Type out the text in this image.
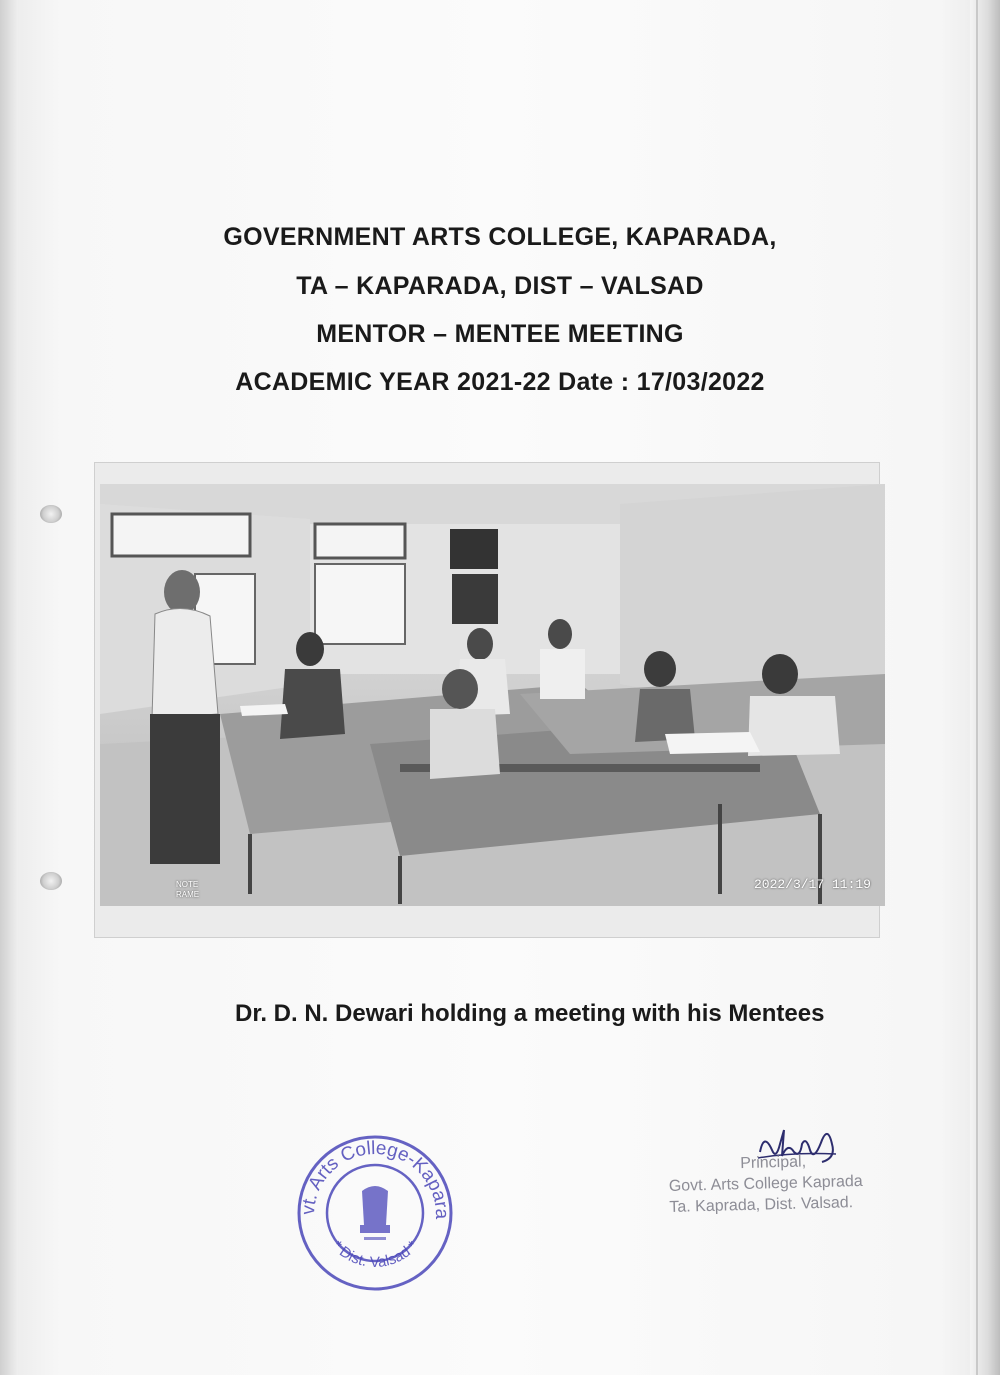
GOVERNMENT ARTS COLLEGE, KAPARADA,
TA – KAPARADA, DIST – VALSAD
MENTOR – MENTEE MEETING
ACADEMIC YEAR 2021-22 Date : 17/03/2022
NOTE
RAME
2022/3/17 11:19
Dr. D. N. Dewari holding a meeting with his Mentees
vt. Arts College-Kapara
* Dist. Valsad *
Principal,
Govt. Arts College Kaprada
Ta. Kaprada, Dist. Valsad.
